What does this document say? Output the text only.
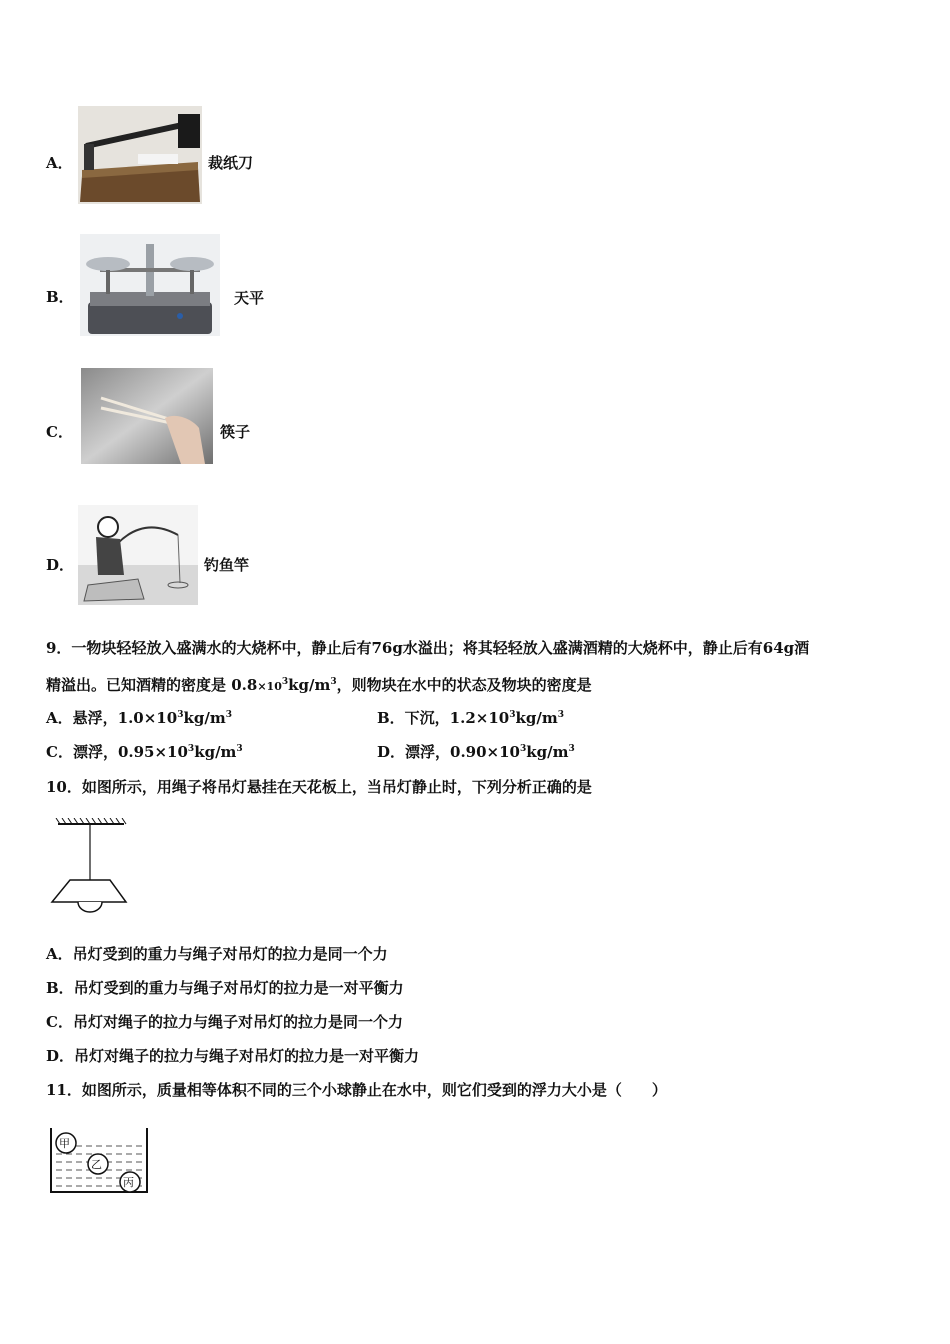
A．	裁纸刀
B．	天平
C．	筷子
D．	钓鱼竿
9．一物块轻轻放入盛满水的大烧杯中，静止后有76g水溢出；将其轻轻放入盛满酒精的大烧杯中，静止后有64g酒
精溢出。已知酒精的密度是 $0.8\times 10^3kg/m^3$，则物块在水中的状态及物块的密度是
A．悬浮，$1.0\times 10^3kg/m^3$	B．下沉，$1.2\times 10^3kg/m^3$
C．漂浮，$0.95\times 10^3kg/m^3$	D．漂浮，$0.90\times 10^3kg/m^3$
10．如图所示，用绳子将吊灯悬挂在天花板上，当吊灯静止时，下列分析正确的是
A．吊灯受到的重力与绳子对吊灯的拉力是同一个力
B．吊灯受到的重力与绳子对吊灯的拉力是一对平衡力
C．吊灯对绳子的拉力与绳子对吊灯的拉力是同一个力
D．吊灯对绳子的拉力与绳子对吊灯的拉力是一对平衡力
11．如图所示，质量相等体积不同的三个小球静止在水中，则它们受到的浮力大小是（　　）
甲
乙
丙
